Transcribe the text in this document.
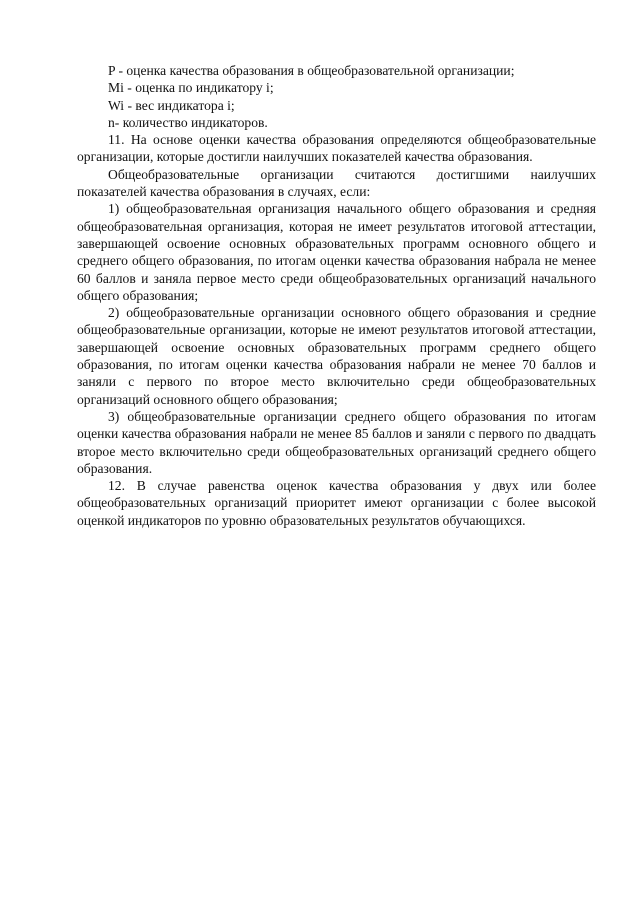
P - оценка качества образования в общеобразовательной организации;

Mi - оценка по индикатору i;

Wi - вес индикатора i;

n- количество индикаторов.

11. На основе оценки качества образования определяются общеобразовательные организации, которые достигли наилучших показателей качества образования.

Общеобразовательные организации считаются достигшими наилучших показателей качества образования в случаях, если:

1) общеобразовательная организация начального общего образования и средняя общеобразовательная организация, которая не имеет результатов итоговой аттестации, завершающей освоение основных образовательных программ основного общего и среднего общего образования, по итогам оценки качества образования набрала не менее 60 баллов и заняла первое место среди общеобразовательных организаций начального общего образования;

2) общеобразовательные организации основного общего образования и средние общеобразовательные организации, которые не имеют результатов итоговой аттестации, завершающей освоение основных образовательных программ среднего общего образования, по итогам оценки качества образования набрали не менее 70 баллов и заняли с первого по второе место включительно среди общеобразовательных организаций основного общего образования;

3) общеобразовательные организации среднего общего образования по итогам оценки качества образования набрали не менее 85 баллов и заняли с первого по двадцать второе место включительно среди общеобразовательных организаций среднего общего образования.

12. В случае равенства оценок качества образования у двух или более общеобразовательных организаций приоритет имеют организации с более высокой оценкой индикаторов по уровню образовательных результатов обучающихся.
